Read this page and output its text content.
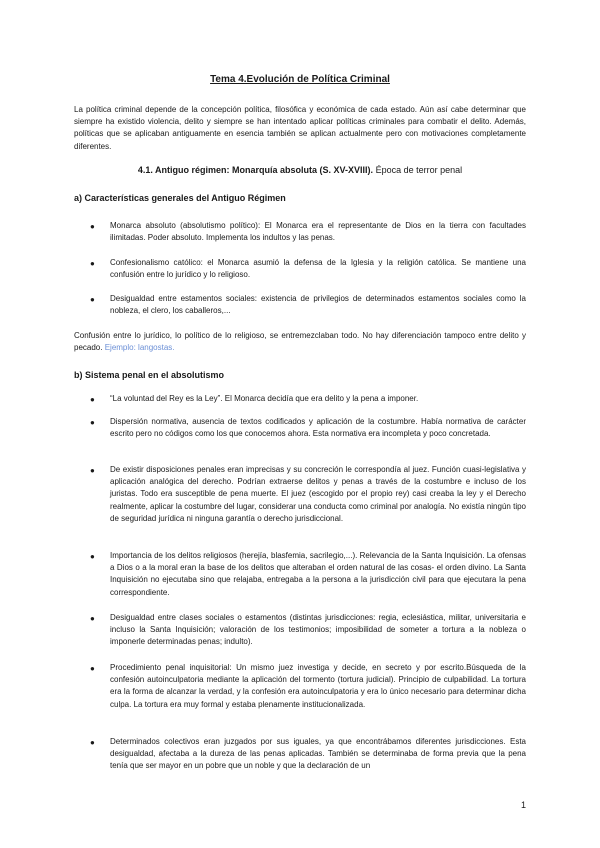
Tema 4.Evolución de Política Criminal

La política criminal depende de la concepción política, filosófica y económica de cada estado. Aún así cabe determinar que siempre ha existido violencia, delito y siempre se han intentado aplicar políticas criminales para combatir el delito. Además, políticas que se aplicaban antiguamente en esencia también se aplican actualmente pero con motivaciones completamente diferentes.

4.1. Antiguo régimen: Monarquía absoluta (S. XV-XVIII). Época de terror penal
a) Características generales del Antiguo Régimen
● Monarca absoluto (absolutismo político): El Monarca era el representante de Dios en la tierra con facultades ilimitadas. Poder absoluto. Implementa los indultos y las penas.

● Confesionalismo católico: el Monarca asumió la defensa de la Iglesia y la religión católica. Se mantiene una confusión entre lo jurídico y lo religioso.

● Desigualdad entre estamentos sociales: existencia de privilegios de determinados estamentos sociales como la nobleza, el clero, los caballeros,...

Confusión entre lo jurídico, lo político de lo religioso, se entremezclaban todo. No hay diferenciación tampoco entre delito y pecado. Ejemplo: langostas.

b) Sistema penal en el absolutismo
● “La voluntad del Rey es la Ley”. El Monarca decidía que era delito y la pena a imponer.

● Dispersión normativa, ausencia de textos codificados y aplicación de la costumbre. Había normativa de carácter escrito pero no códigos como los que conocemos ahora. Esta normativa era incompleta y poco concretada.

● De existir disposiciones penales eran imprecisas y su concreción le correspondía al juez. Función cuasi-legislativa y aplicación analógica del derecho. Podrían extraerse delitos y penas a través de la costumbre e incluso de los juristas. Todo era susceptible de pena muerte. El juez (escogido por el propio rey) casi creaba la ley y el Derecho realmente, aplicar la costumbre del lugar, considerar una conducta como criminal por analogía. No existía ningún tipo de seguridad jurídica ni ninguna garantía o derecho jurisdiccional.

● Importancia de los delitos religiosos (herejía, blasfemia, sacrilegio,...). Relevancia de la Santa Inquisición. La ofensas a Dios o a la moral eran la base de los delitos que alteraban el orden natural de las cosas- el orden divino. La Santa Inquisición no ejecutaba sino que relajaba, entregaba a la persona a la jurisdicción civil para que ejecutara la pena correspondiente.

● Desigualdad entre clases sociales o estamentos (distintas jurisdicciones: regia, eclesiástica, militar, universitaria e incluso la Santa Inquisición; valoración de los testimonios; imposibilidad de someter a tortura a la nobleza o imponerle determinadas penas; indulto).

● Procedimiento penal inquisitorial: Un mismo juez investiga y decide, en secreto y por escrito.Búsqueda de la confesión autoinculpatoria mediante la aplicación del tormento (tortura judicial). Principio de culpabilidad. La tortura era la forma de alcanzar la verdad, y la confesión era autoinculpatoria y era lo único necesario para determinar dicha culpa. La tortura era muy formal y estaba plenamente institucionalizada.

● Determinados colectivos eran juzgados por sus iguales, ya que encontrábamos diferentes jurisdicciones. Esta desigualdad, afectaba a la dureza de las penas aplicadas. También se determinaba de forma previa que la pena tenía que ser mayor en un pobre que un noble y que la declaración de un

1
